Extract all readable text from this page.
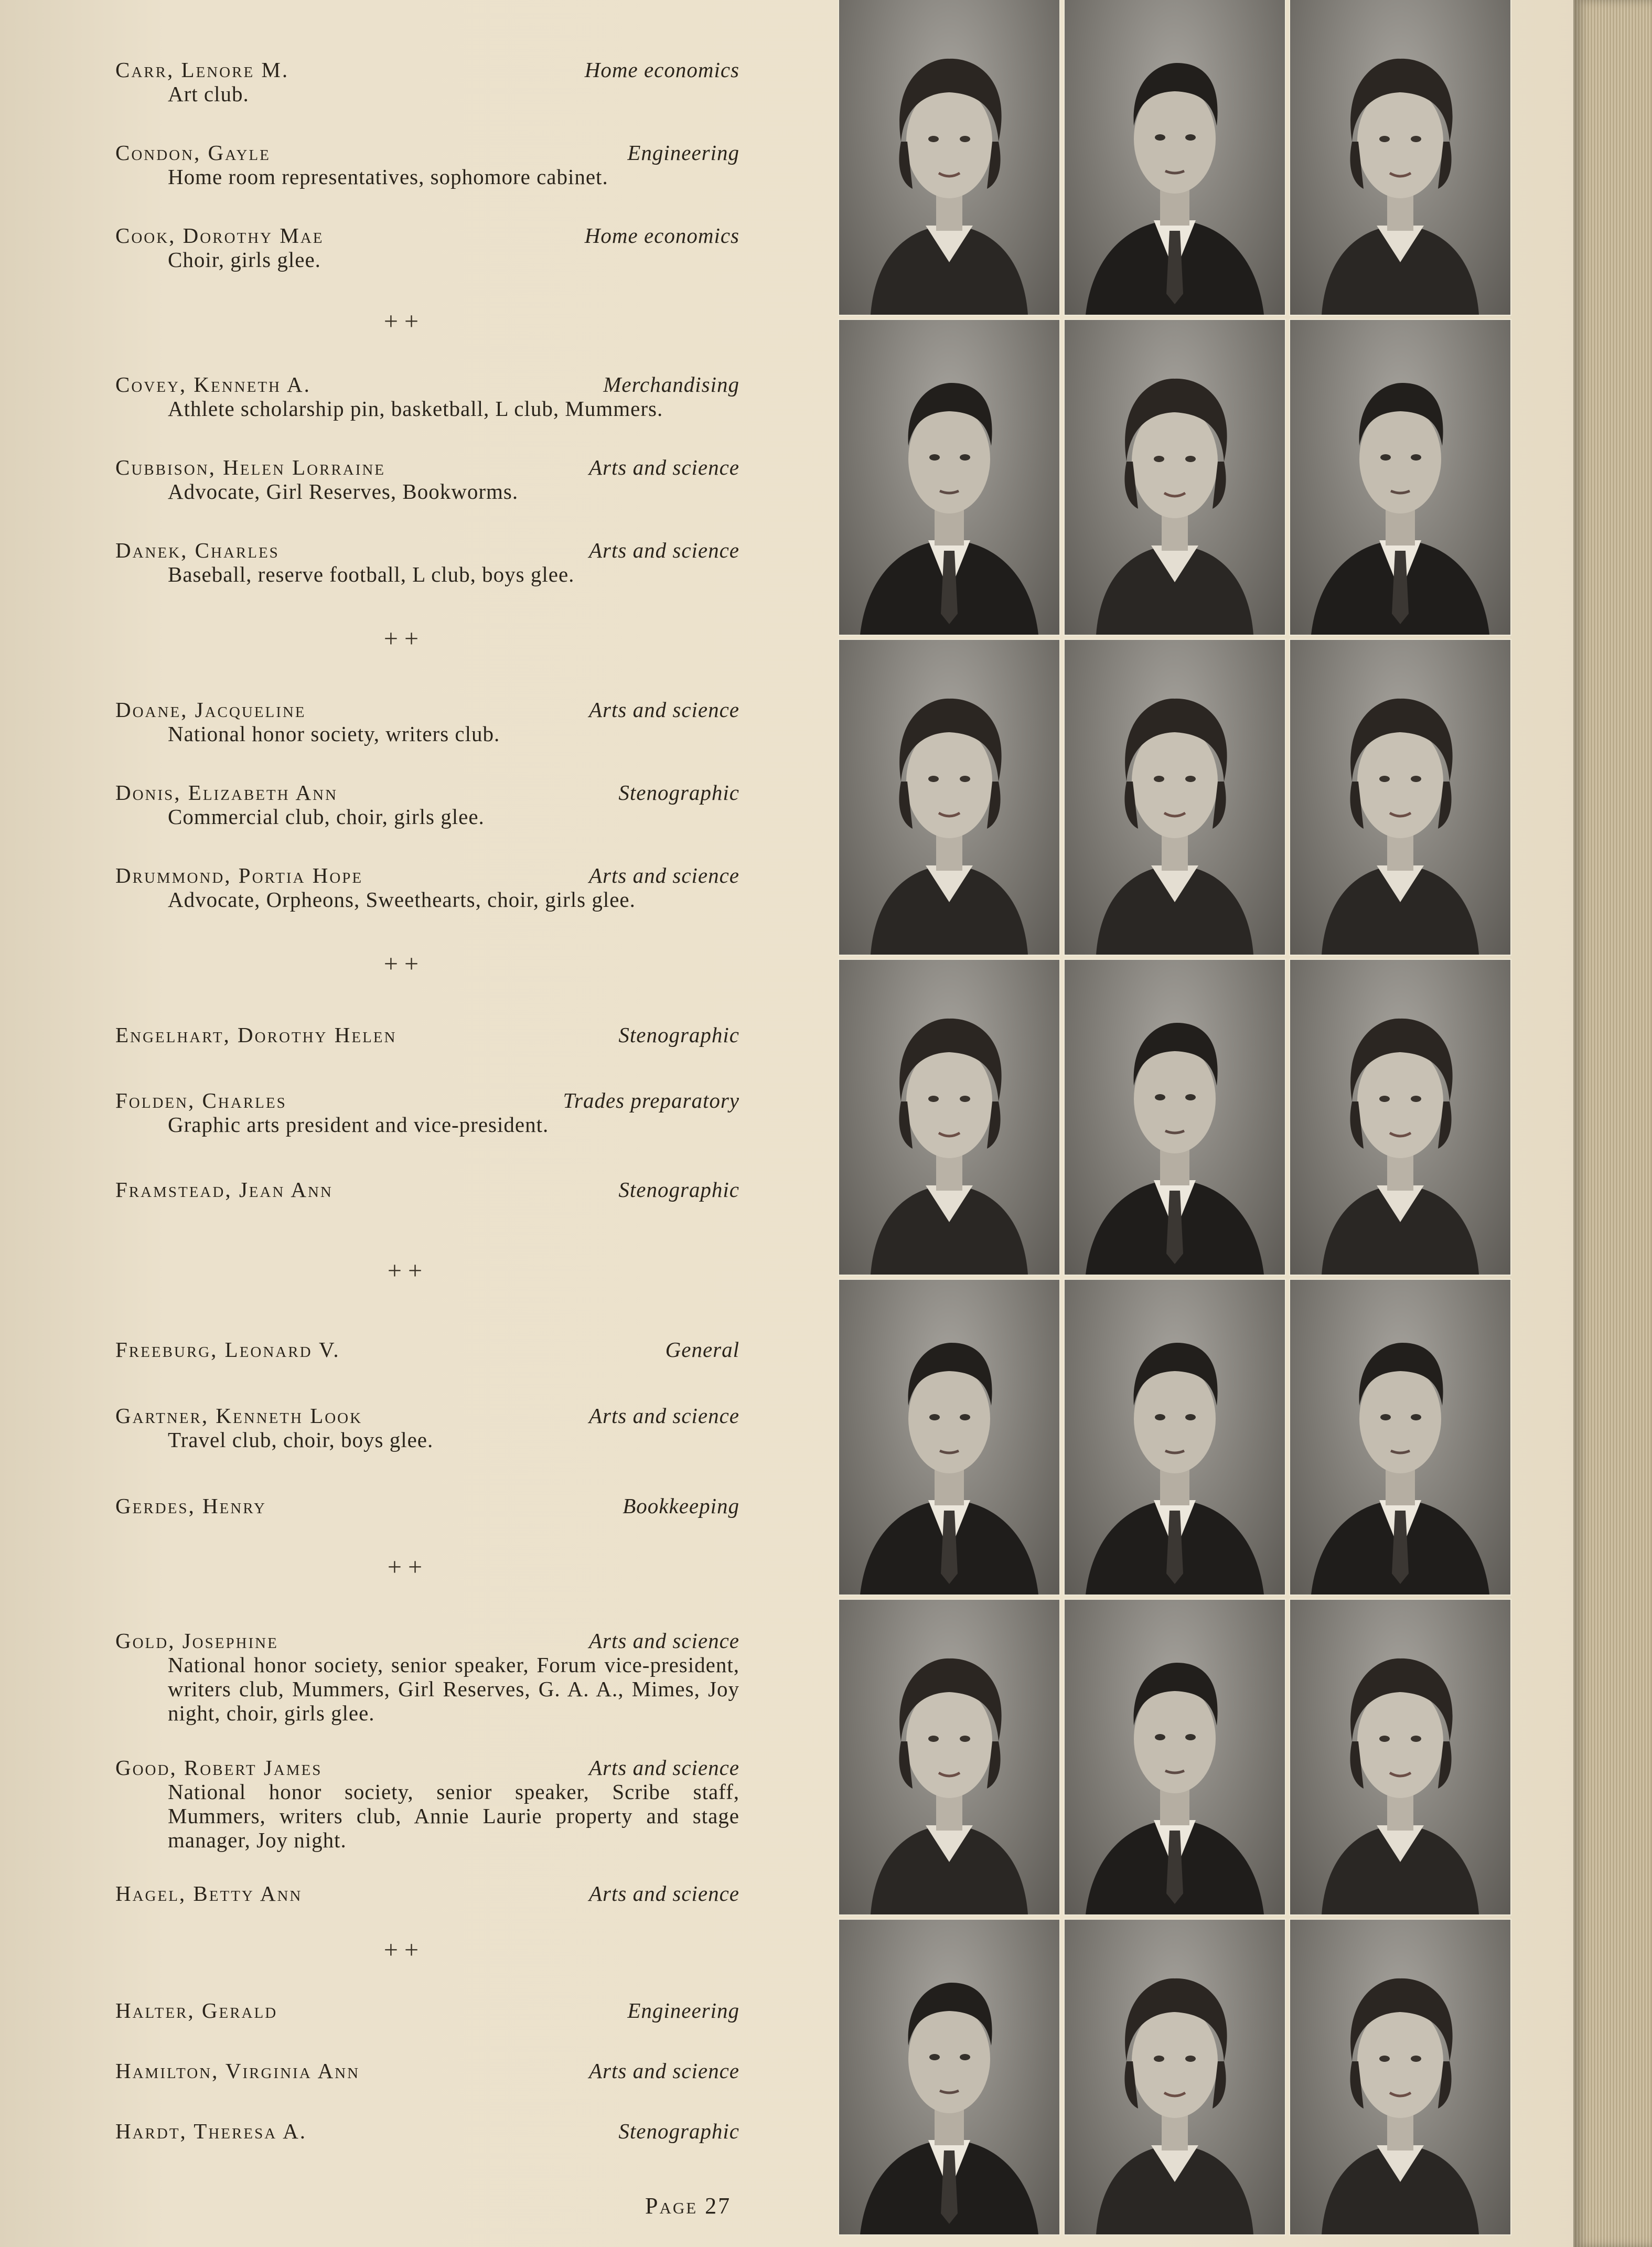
Carr, Lenore M.	Home economics
Art club.
Condon, Gayle	Engineering
Home room representatives, sophomore cabinet.
Cook, Dorothy Mae	Home economics
Choir, girls glee.
+ +
Covey, Kenneth A.	Merchandising
Athlete scholarship pin, basketball, L club, Mummers.
Cubbison, Helen Lorraine	Arts and science
Advocate, Girl Reserves, Bookworms.
Danek, Charles	Arts and science
Baseball, reserve football, L club, boys glee.
+ +
Doane, Jacqueline	Arts and science
National honor society, writers club.
Donis, Elizabeth Ann	Stenographic
Commercial club, choir, girls glee.
Drummond, Portia Hope	Arts and science
Advocate, Orpheons, Sweethearts, choir, girls glee.
+ +
Engelhart, Dorothy Helen	Stenographic
Folden, Charles	Trades preparatory
Graphic arts president and vice-president.
Framstead, Jean Ann	Stenographic
+ +
Freeburg, Leonard V.	General
Gartner, Kenneth Look	Arts and science
Travel club, choir, boys glee.
Gerdes, Henry	Bookkeeping
+ +
Gold, Josephine	Arts and science
National honor society, senior speaker, Forum vice-president, writers club, Mummers, Girl Reserves, G. A. A., Mimes, Joy night, choir, girls glee.
Good, Robert James	Arts and science
National honor society, senior speaker, Scribe staff, Mummers, writers club, Annie Laurie property and stage manager, Joy night.
Hagel, Betty Ann	Arts and science
+ +
Halter, Gerald	Engineering
Hamilton, Virginia Ann	Arts and science
Hardt, Theresa A.	Stenographic
Page 27
